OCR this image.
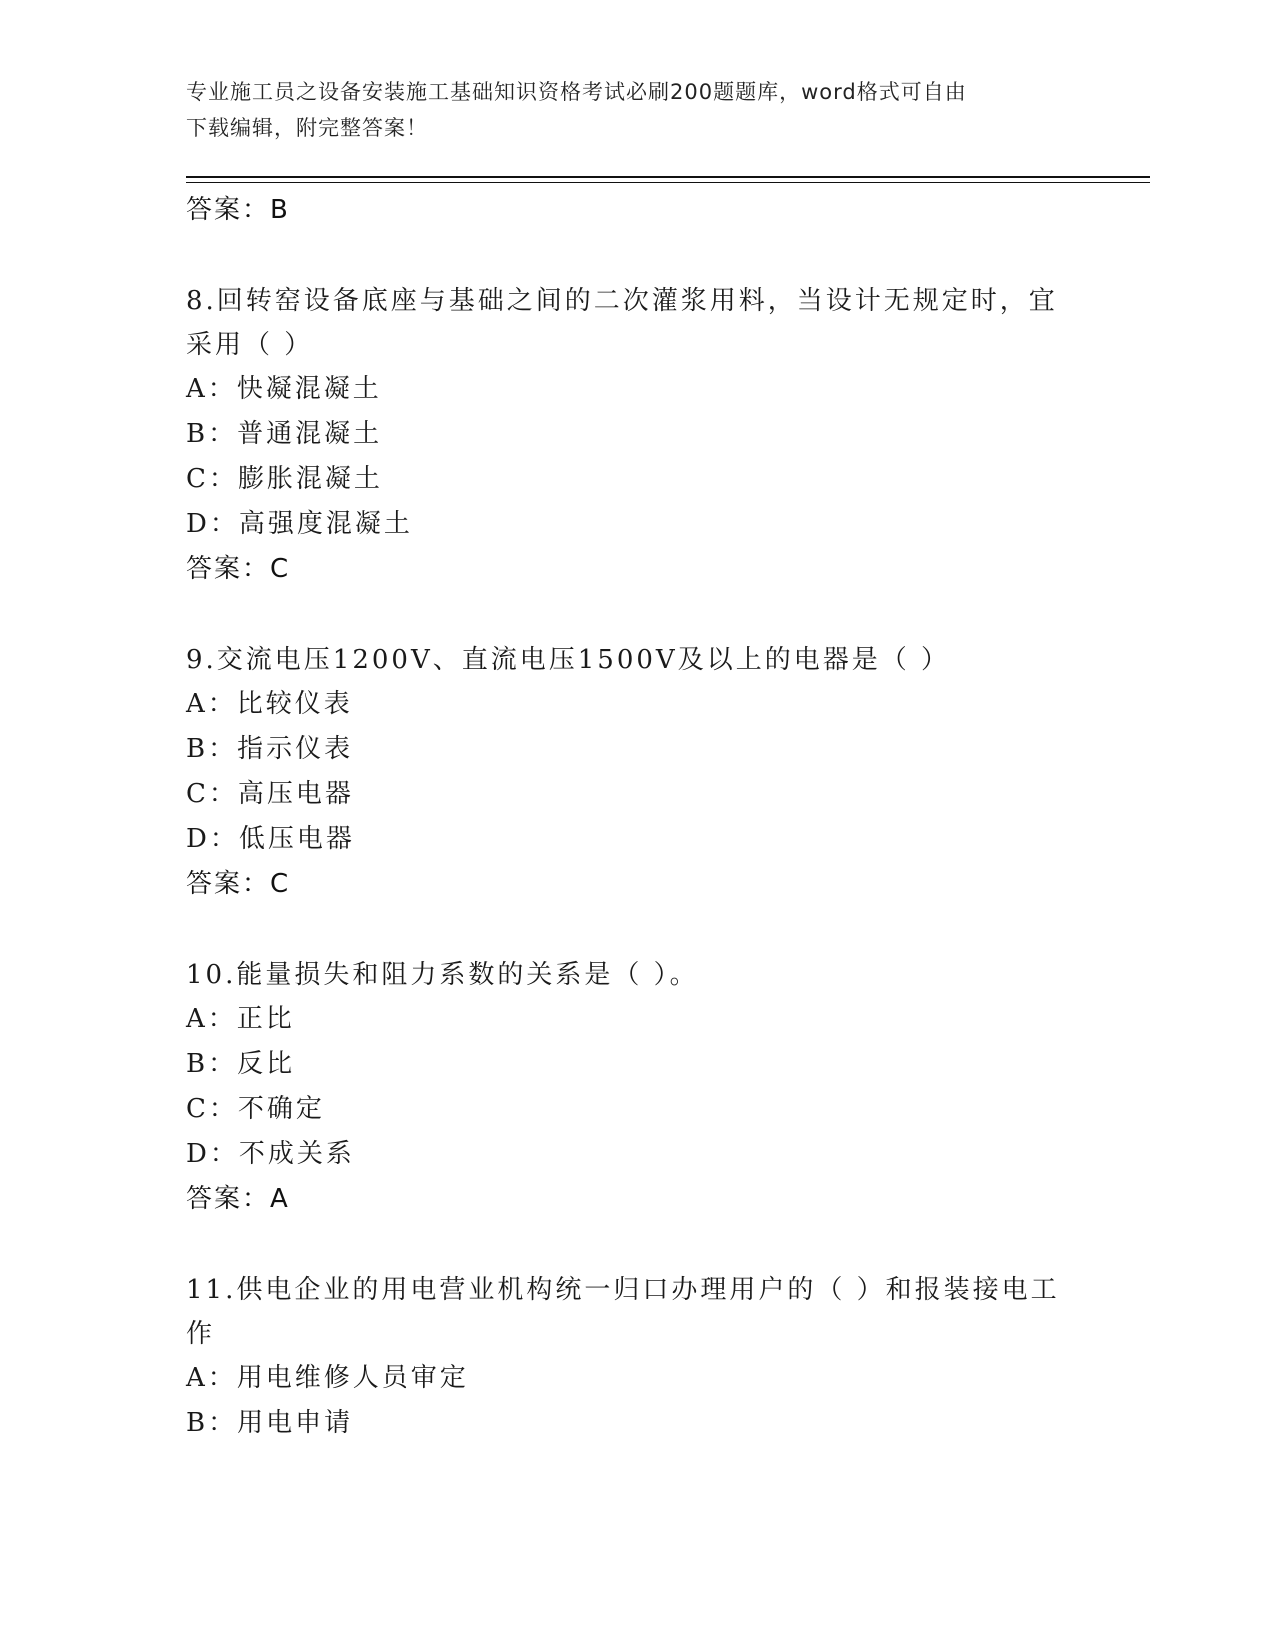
专业施工员之设备安装施工基础知识资格考试必刷200题题库，word格式可自由
下载编辑，附完整答案！
答案：B
8.回转窑设备底座与基础之间的二次灌浆用料，当设计无规定时，宜
采用（ ）
A：快凝混凝土
B：普通混凝土
C：膨胀混凝土
D：高强度混凝土
答案：C
9.交流电压1200V、直流电压1500V及以上的电器是（ ）
A：比较仪表
B：指示仪表
C：高压电器
D：低压电器
答案：C
10.能量损失和阻力系数的关系是（ ）。
A：正比
B：反比
C：不确定
D：不成关系
答案：A
11.供电企业的用电营业机构统一归口办理用户的（ ）和报装接电工
作
A：用电维修人员审定
B：用电申请
